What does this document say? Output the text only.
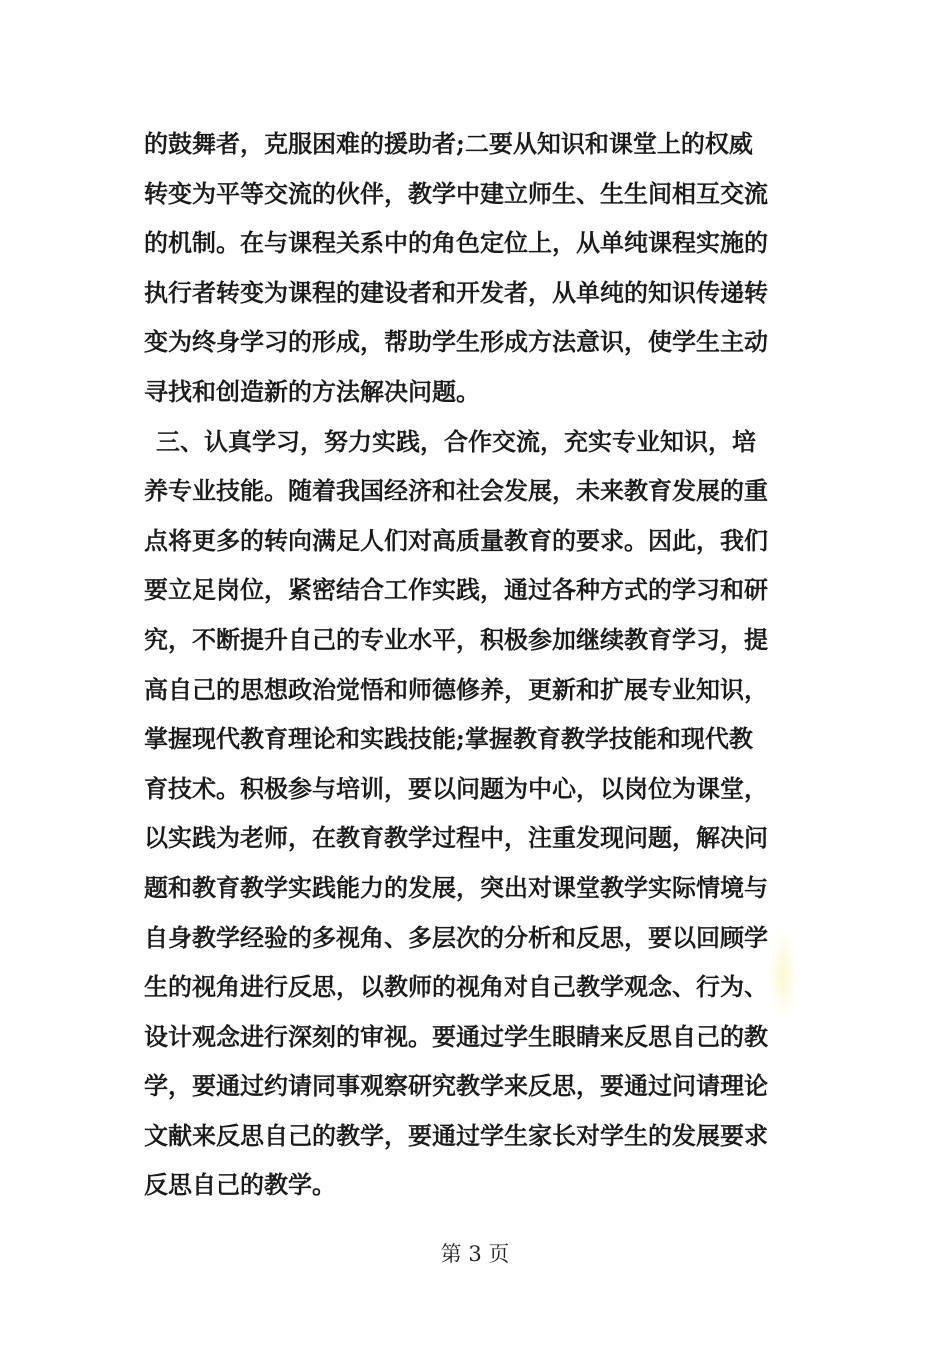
的鼓舞者，克服困难的援助者;二要从知识和课堂上的权威
转变为平等交流的伙伴，教学中建立师生、生生间相互交流
的机制。在与课程关系中的角色定位上，从单纯课程实施的
执行者转变为课程的建设者和开发者，从单纯的知识传递转
变为终身学习的形成，帮助学生形成方法意识，使学生主动
寻找和创造新的方法解决问题。
三、认真学习，努力实践，合作交流，充实专业知识，培
养专业技能。随着我国经济和社会发展，未来教育发展的重
点将更多的转向满足人们对高质量教育的要求。因此，我们
要立足岗位，紧密结合工作实践，通过各种方式的学习和研
究，不断提升自己的专业水平，积极参加继续教育学习，提
高自己的思想政治觉悟和师德修养，更新和扩展专业知识，
掌握现代教育理论和实践技能;掌握教育教学技能和现代教
育技术。积极参与培训，要以问题为中心，以岗位为课堂，
以实践为老师，在教育教学过程中，注重发现问题，解决问
题和教育教学实践能力的发展，突出对课堂教学实际情境与
自身教学经验的多视角、多层次的分析和反思，要以回顾学
生的视角进行反思，以教师的视角对自己教学观念、行为、
设计观念进行深刻的审视。要通过学生眼睛来反思自己的教
学，要通过约请同事观察研究教学来反思，要通过问请理论
文献来反思自己的教学，要通过学生家长对学生的发展要求
反思自己的教学。
第 3 页
